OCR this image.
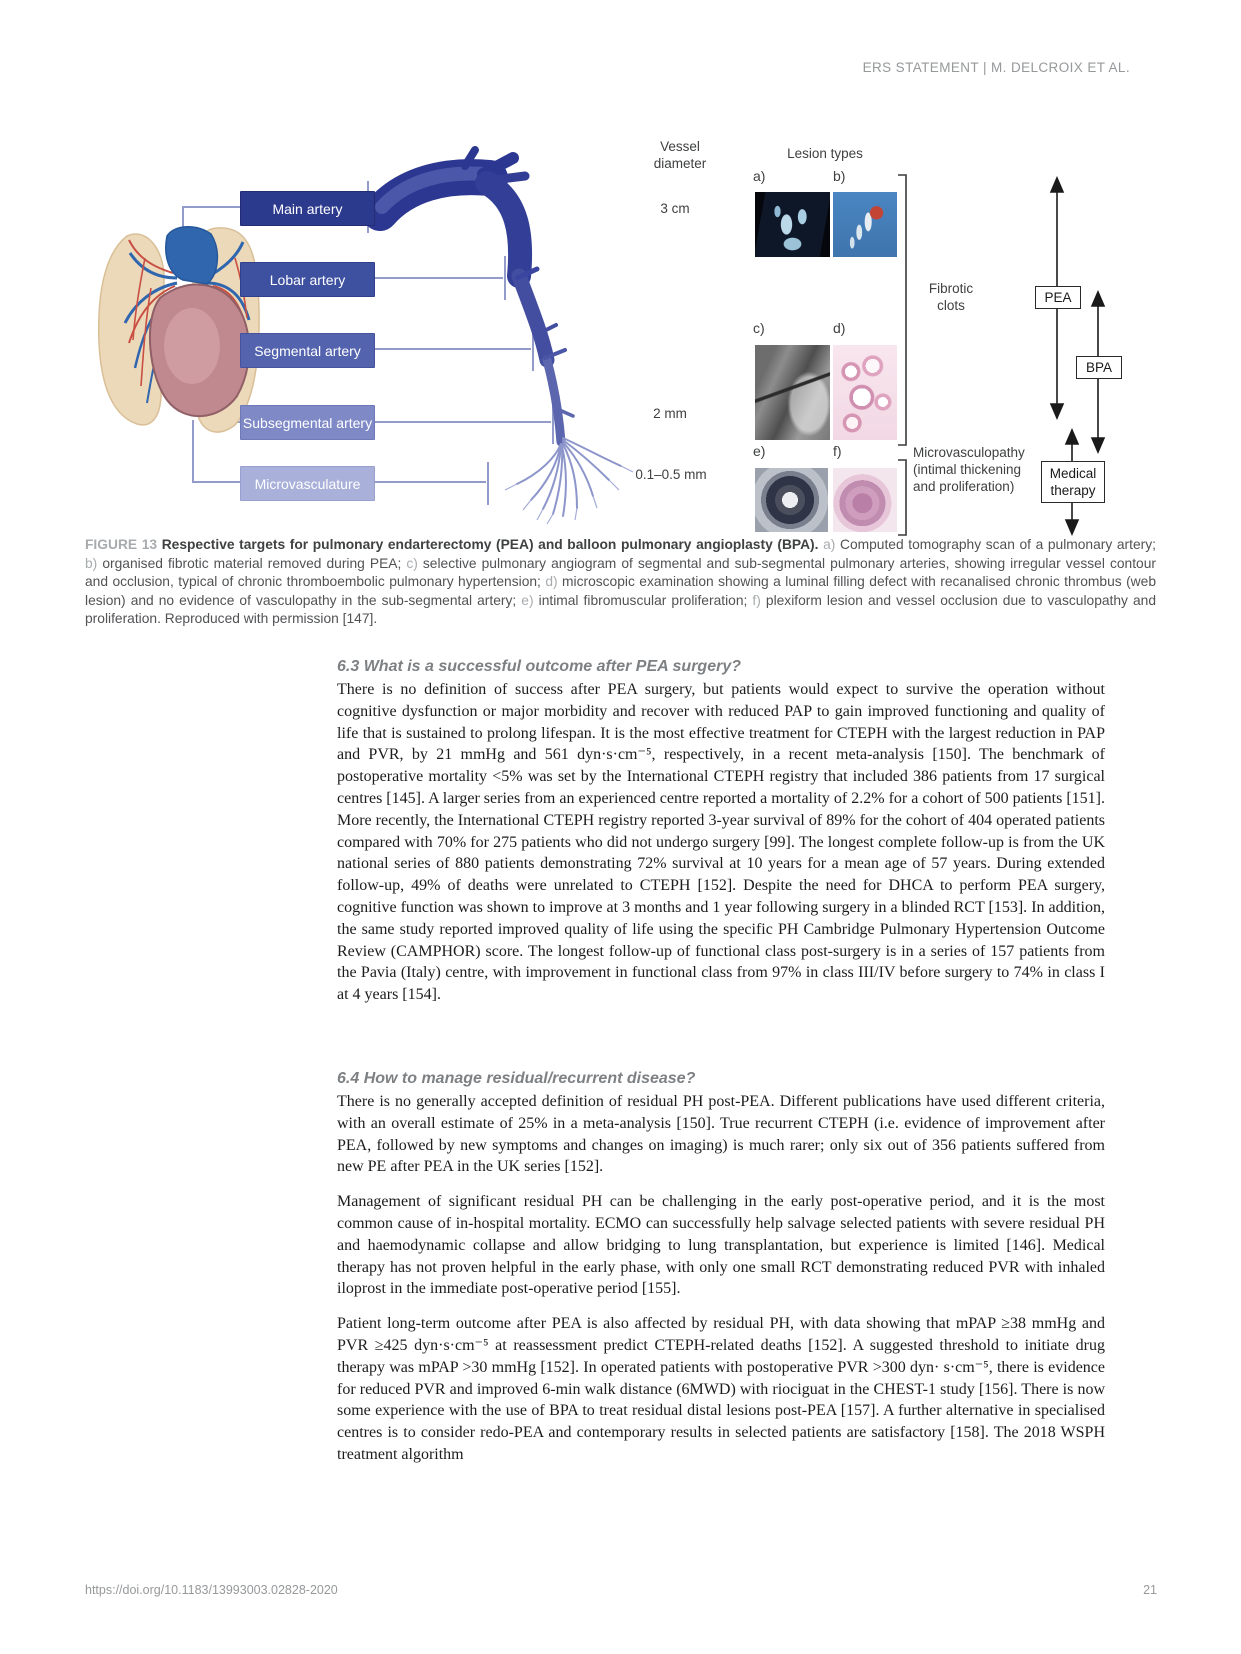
ERS STATEMENT | M. DELCROIX ET AL.
Main artery
Lobar artery
Segmental artery
Subsegmental artery
Microvasculature
Vessel
diameter
3 cm
2 mm
0.1–0.5 mm
Lesion types
a)	b)
c)	d)
e)	f)
Fibrotic
clots
Microvasculopathy
(intimal thickening
and proliferation)
PEA
BPA
Medical
therapy
FIGURE 13 Respective targets for pulmonary endarterectomy (PEA) and balloon pulmonary angioplasty (BPA). a) Computed tomography scan of a pulmonary artery; b) organised fibrotic material removed during PEA; c) selective pulmonary angiogram of segmental and sub-segmental pulmonary arteries, showing irregular vessel contour and occlusion, typical of chronic thromboembolic pulmonary hypertension; d) microscopic examination showing a luminal filling defect with recanalised chronic thrombus (web lesion) and no evidence of vasculopathy in the sub-segmental artery; e) intimal fibromuscular proliferation; f) plexiform lesion and vessel occlusion due to vasculopathy and proliferation. Reproduced with permission [147].
6.3 What is a successful outcome after PEA surgery?

There is no definition of success after PEA surgery, but patients would expect to survive the operation without cognitive dysfunction or major morbidity and recover with reduced PAP to gain improved functioning and quality of life that is sustained to prolong lifespan. It is the most effective treatment for CTEPH with the largest reduction in PAP and PVR, by 21 mmHg and 561 dyn·s·cm⁻⁵, respectively, in a recent meta-analysis [150]. The benchmark of postoperative mortality <5% was set by the International CTEPH registry that included 386 patients from 17 surgical centres [145]. A larger series from an experienced centre reported a mortality of 2.2% for a cohort of 500 patients [151]. More recently, the International CTEPH registry reported 3-year survival of 89% for the cohort of 404 operated patients compared with 70% for 275 patients who did not undergo surgery [99]. The longest complete follow-up is from the UK national series of 880 patients demonstrating 72% survival at 10 years for a mean age of 57 years. During extended follow-up, 49% of deaths were unrelated to CTEPH [152]. Despite the need for DHCA to perform PEA surgery, cognitive function was shown to improve at 3 months and 1 year following surgery in a blinded RCT [153]. In addition, the same study reported improved quality of life using the specific PH Cambridge Pulmonary Hypertension Outcome Review (CAMPHOR) score. The longest follow-up of functional class post-surgery is in a series of 157 patients from the Pavia (Italy) centre, with improvement in functional class from 97% in class III/IV before surgery to 74% in class I at 4 years [154].

6.4 How to manage residual/recurrent disease?

There is no generally accepted definition of residual PH post-PEA. Different publications have used different criteria, with an overall estimate of 25% in a meta-analysis [150]. True recurrent CTEPH (i.e. evidence of improvement after PEA, followed by new symptoms and changes on imaging) is much rarer; only six out of 356 patients suffered from new PE after PEA in the UK series [152].

Management of significant residual PH can be challenging in the early post-operative period, and it is the most common cause of in-hospital mortality. ECMO can successfully help salvage selected patients with severe residual PH and haemodynamic collapse and allow bridging to lung transplantation, but experience is limited [146]. Medical therapy has not proven helpful in the early phase, with only one small RCT demonstrating reduced PVR with inhaled iloprost in the immediate post-operative period [155].

Patient long-term outcome after PEA is also affected by residual PH, with data showing that mPAP ≥38 mmHg and PVR ≥425 dyn·s·cm⁻⁵ at reassessment predict CTEPH-related deaths [152]. A suggested threshold to initiate drug therapy was mPAP >30 mmHg [152]. In operated patients with postoperative PVR >300 dyn· s·cm⁻⁵, there is evidence for reduced PVR and improved 6-min walk distance (6MWD) with riociguat in the CHEST-1 study [156]. There is now some experience with the use of BPA to treat residual distal lesions post-PEA [157]. A further alternative in specialised centres is to consider redo-PEA and contemporary results in selected patients are satisfactory [158]. The 2018 WSPH treatment algorithm

https://doi.org/10.1183/13993003.02828-2020	21
